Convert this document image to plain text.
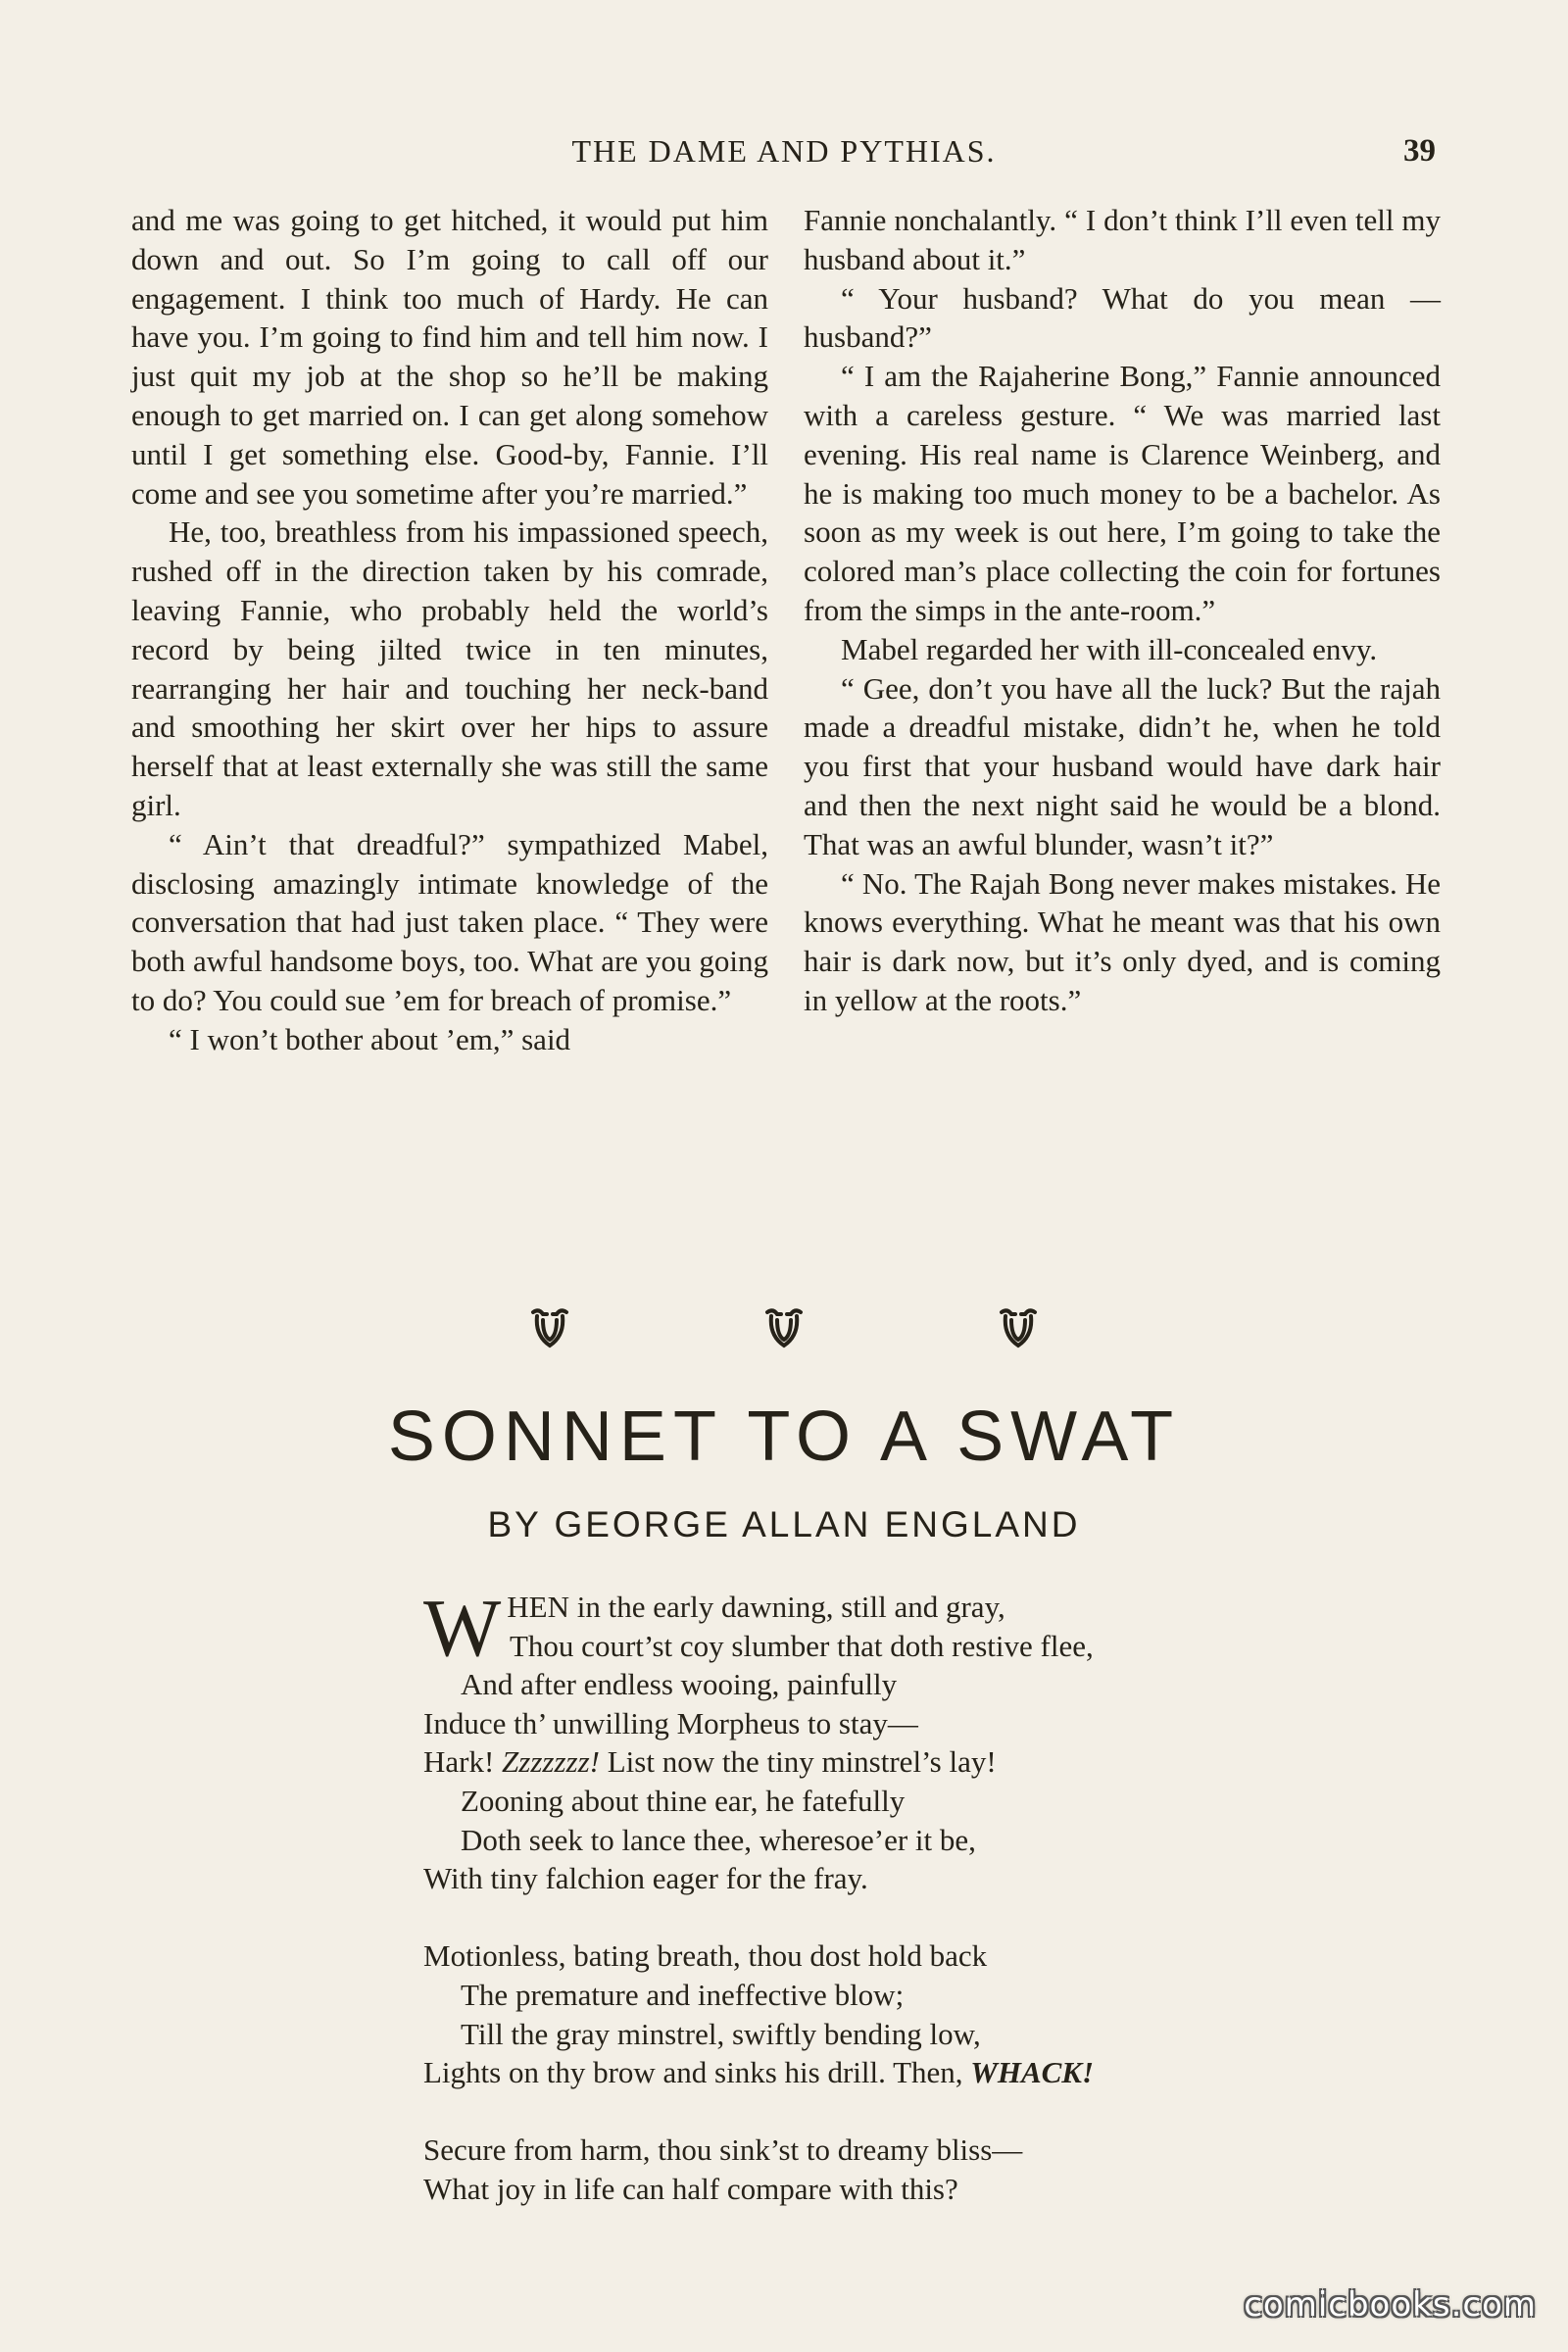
THE DAME AND PYTHIAS.	39

and me was going to get hitched, it would put him down and out. So I’m going to call off our engagement. I think too much of Hardy. He can have you. I’m going to find him and tell him now. I just quit my job at the shop so he’ll be making enough to get married on. I can get along somehow until I get something else. Good-by, Fannie. I’ll come and see you sometime after you’re married.”

He, too, breathless from his impassioned speech, rushed off in the direction taken by his comrade, leaving Fannie, who probably held the world’s record by being jilted twice in ten minutes, rearranging her hair and touching her neck-band and smoothing her skirt over her hips to assure herself that at least externally she was still the same girl.

“ Ain’t that dreadful?” sympathized Mabel, disclosing amazingly intimate knowledge of the conversation that had just taken place. “ They were both awful handsome boys, too. What are you going to do? You could sue ’em for breach of promise.”

“ I won’t bother about ’em,” said

Fannie nonchalantly. “ I don’t think I’ll even tell my husband about it.”

“ Your husband? What do you mean —husband?”

“ I am the Rajaherine Bong,” Fannie announced with a careless gesture. “ We was married last evening. His real name is Clarence Weinberg, and he is making too much money to be a bachelor. As soon as my week is out here, I’m going to take the colored man’s place collecting the coin for fortunes from the simps in the ante-room.”

Mabel regarded her with ill-concealed envy.

“ Gee, don’t you have all the luck? But the rajah made a dreadful mistake, didn’t he, when he told you first that your husband would have dark hair and then the next night said he would be a blond. That was an awful blunder, wasn’t it?”

“ No. The Rajah Bong never makes mistakes. He knows everything. What he meant was that his own hair is dark now, but it’s only dyed, and is coming in yellow at the roots.”

SONNET TO A SWAT
BY GEORGE ALLAN ENGLAND
W HEN in the early dawning, still and gray,
Thou court’st coy slumber that doth restive flee,
And after endless wooing, painfully
Induce th’ unwilling Morpheus to stay—
Hark! Zzzzzzz! List now the tiny minstrel’s lay!
Zooning about thine ear, he fatefully
Doth seek to lance thee, wheresoe’er it be,
With tiny falchion eager for the fray.
Motionless, bating breath, thou dost hold back
The premature and ineffective blow;
Till the gray minstrel, swiftly bending low,
Lights on thy brow and sinks his drill. Then, WHACK!
Secure from harm, thou sink’st to dreamy bliss—
What joy in life can half compare with this?
comicbooks.com
